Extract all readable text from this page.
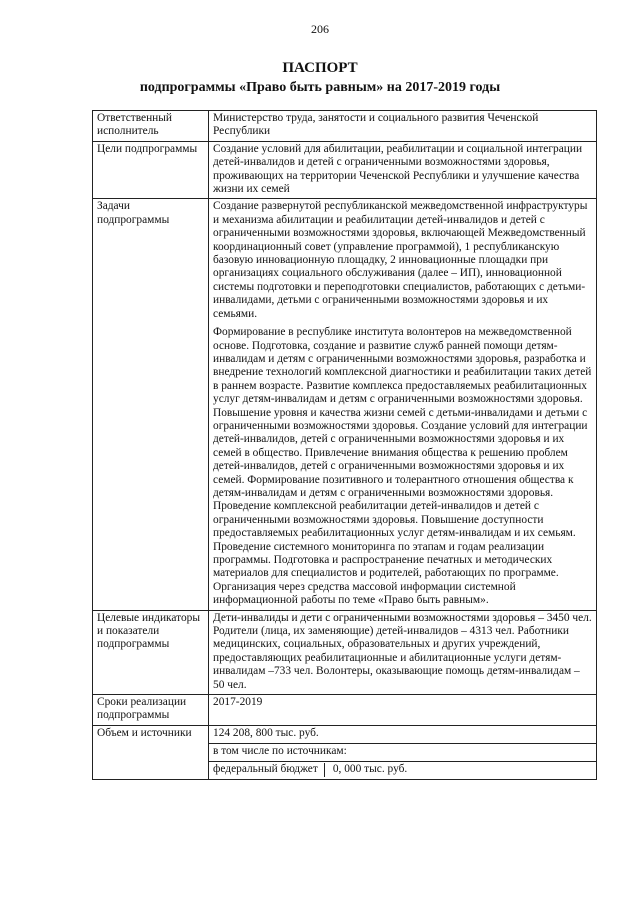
206
ПАСПОРТ
подпрограммы «Право быть равным» на 2017-2019 годы
Ответственный исполнитель	Министерство труда, занятости и социального развития Чеченской Республики

Цели подпрограммы	Создание условий для абилитации, реабилитации и социальной интеграции детей-инвалидов и детей с ограниченными возможностями здоровья, проживающих на территории Чеченской Республики и улучшение качества жизни их семей

Задачи подпрограммы	Создание развернутой республиканской межведомственной инфраструктуры и механизма абилитации и реабилитации детей-инвалидов и детей с ограниченными возможностями здоровья, включающей Межведомственный координационный совет (управление программой), 1 республиканскую базовую инновационную площадку, 2 инновационные площадки при организациях социального обслуживания (далее – ИП), инновационной системы подготовки и переподготовки специалистов, работающих с детьми-инвалидами, детьми с ограниченными возможностями здоровья и их семьями.

Формирование в республике института волонтеров на межведомственной основе. Подготовка, создание и развитие служб ранней помощи детям-инвалидам и детям с ограниченными возможностями здоровья, разработка и внедрение технологий комплексной диагностики и реабилитации таких детей в раннем возрасте. Развитие комплекса предоставляемых реабилитационных услуг детям-инвалидам и детям с ограниченными возможностями здоровья. Повышение уровня и качества жизни семей с детьми-инвалидами и детьми с ограниченными возможностями здоровья. Создание условий для интеграции детей-инвалидов, детей с ограниченными возможностями здоровья и их семей в общество. Привлечение внимания общества к решению проблем детей-инвалидов, детей с ограниченными возможностями здоровья и их семей. Формирование позитивного и толерантного отношения общества к детям-инвалидам и детям с ограниченными возможностями здоровья. Проведение комплексной реабилитации детей-инвалидов и детей с ограниченными возможностями здоровья. Повышение доступности предоставляемых реабилитационных услуг детям-инвалидам и их семьям. Проведение системного мониторинга по этапам и годам реализации программы. Подготовка и распространение печатных и методических материалов для специалистов и родителей, работающих по программе. Организация через средства массовой информации системной информационной работы по теме «Право быть равным».

Целевые индикаторы и показатели подпрограммы	Дети-инвалиды и дети с ограниченными возможностями здоровья – 3450 чел. Родители (лица, их заменяющие) детей-инвалидов – 4313 чел. Работники медицинских, социальных, образовательных и других учреждений, предоставляющих реабилитационные и абилитационные услуги детям-инвалидам –733 чел. Волонтеры, оказывающие помощь детям-инвалидам – 50 чел.

Сроки реализации подпрограммы	2017-2019

Объем и источники	124 208, 800 тыс. руб.
в том числе по источникам:
федеральный бюджет 0, 000 тыс. руб.
